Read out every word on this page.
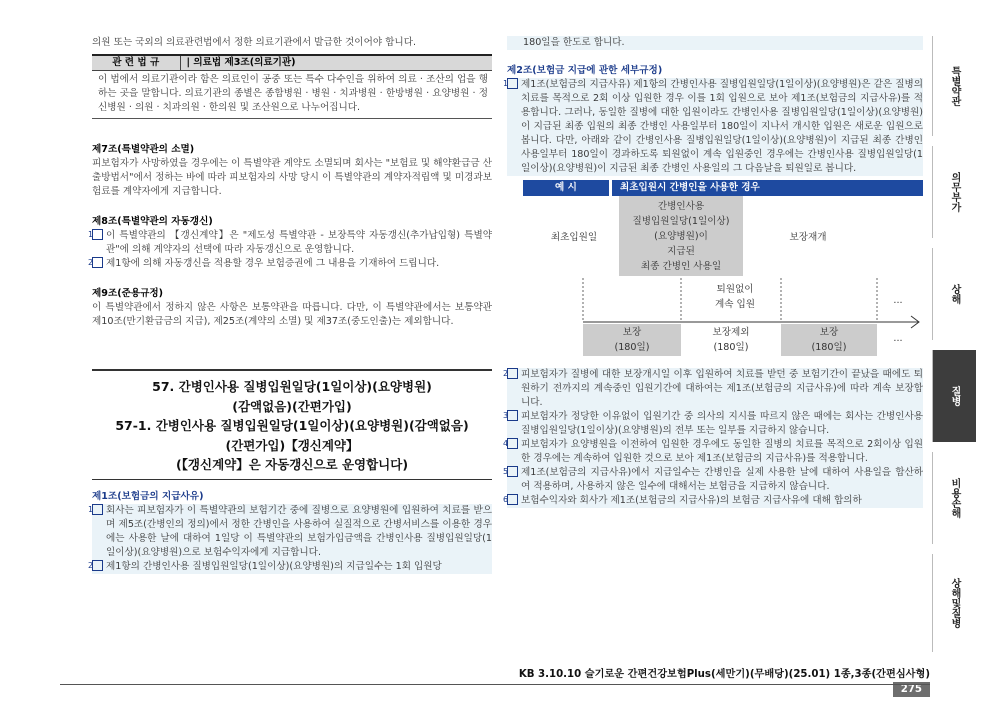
의원 또는 국외의 의료관련법에서 정한 의료기관에서 발급한 것이어야 합니다.

관 련 법 규	| 의료법 제3조(의료기관)
이 법에서 의료기관이라 함은 의료인이 공중 또는 특수 다수인을 위하여 의료 · 조산의 업을 행하는 곳을 말합니다. 의료기관의 종별은 종합병원 · 병원 · 치과병원 · 한방병원 · 요양병원 · 정신병원 · 의원 · 치과의원 · 한의원 및 조산원으로 나누어집니다.
제7조(특별약관의 소멸)

피보험자가 사망하였을 경우에는 이 특별약관 계약도 소멸되며 회사는 "보험료 및 해약환급금 산출방법서"에서 정하는 바에 따라 피보험자의 사망 당시 이 특별약관의 계약자적립액 및 미경과보험료를 계약자에게 지급합니다.

제8조(특별약관의 자동갱신)
1 이 특별약관의 【갱신계약】은 "제도성 특별약관 - 보장특약 자동갱신(추가납입형) 특별약관"에 의해 계약자의 선택에 따라 자동갱신으로 운영합니다.
2 제1항에 의해 자동갱신을 적용할 경우 보험증권에 그 내용을 기재하여 드립니다.
제9조(준용규정)

이 특별약관에서 정하지 않은 사항은 보통약관을 따릅니다. 다만, 이 특별약관에서는 보통약관 제10조(만기환급금의 지급), 제25조(계약의 소멸) 및 제37조(중도인출)는 제외합니다.

57. 간병인사용 질병입원일당(1일이상)(요양병원)
(감액없음)(간편가입)
57-1. 간병인사용 질병입원일당(1일이상)(요양병원)(감액없음)
(간편가입)【갱신계약】
(【갱신계약】은 자동갱신으로 운영합니다)
제1조(보험금의 지급사유)
1 회사는 피보험자가 이 특별약관의 보험기간 중에 질병으로 요양병원에 입원하여 치료를 받으며 제5조(간병인의 정의)에서 정한 간병인을 사용하여 실질적으로 간병서비스를 이용한 경우에는 사용한 날에 대하여 1일당 이 특별약관의 보험가입금액을 간병인사용 질병입원일당(1일이상)(요양병원)으로 보험수익자에게 지급합니다.
2 제1항의 간병인사용 질병입원일당(1일이상)(요양병원)의 지급일수는 1회 입원당

180일을 한도로 합니다.

제2조(보험금 지급에 관한 세부규정)
1 제1조(보험금의 지급사유) 제1항의 간병인사용 질병입원일당(1일이상)(요양병원)은 같은 질병의 치료를 목적으로 2회 이상 입원한 경우 이를 1회 입원으로 보아 제1조(보험금의 지급사유)를 적용합니다. 그러나, 동일한 질병에 대한 입원이라도 간병인사용 질병입원일당(1일이상)(요양병원)이 지급된 최종 입원의 최종 간병인 사용일부터 180일이 지나서 개시한 입원은 새로운 입원으로 봅니다. 다만, 아래와 같이 간병인사용 질병입원일당(1일이상)(요양병원)이 지급된 최종 간병인 사용일부터 180일이 경과하도록 퇴원없이 계속 입원중인 경우에는 간병인사용 질병입원일당(1일이상)(요양병원)이 지급된 최종 간병인 사용일의 그 다음날을 퇴원일로 봅니다.
예 시	최초입원시 간병인을 사용한 경우
최초입원일
간병인사용
질병입원일당(1일이상)
(요양병원)이
지급된
최종 간병인 사용일
보장재개
퇴원없이
계속 입원	...
보장
(180일)
보장제외
(180일)
보장
(180일)
...
2 피보험자가 질병에 대한 보장개시일 이후 입원하여 치료를 받던 중 보험기간이 끝났을 때에도 퇴원하기 전까지의 계속중인 입원기간에 대하여는 제1조(보험금의 지급사유)에 따라 계속 보장합니다.
3 피보험자가 정당한 이유없이 입원기간 중 의사의 지시를 따르지 않은 때에는 회사는 간병인사용 질병입원일당(1일이상)(요양병원)의 전부 또는 일부를 지급하지 않습니다.
4 피보험자가 요양병원을 이전하여 입원한 경우에도 동일한 질병의 치료를 목적으로 2회이상 입원한 경우에는 계속하여 입원한 것으로 보아 제1조(보험금의 지급사유)를 적용합니다.
5 제1조(보험금의 지급사유)에서 지급일수는 간병인을 실제 사용한 날에 대하여 사용일을 합산하여 적용하며, 사용하지 않은 일수에 대해서는 보험금을 지급하지 않습니다.
6 보험수익자와 회사가 제1조(보험금의 지급사유)의 보험금 지급사유에 대해 합의하
특별약관
의무부가
상해
질병
비용손해
상해및질병
KB 3.10.10 슬기로운 간편건강보험Plus(세만기)(무배당)(25.01) 1종,3종(간편심사형)275
